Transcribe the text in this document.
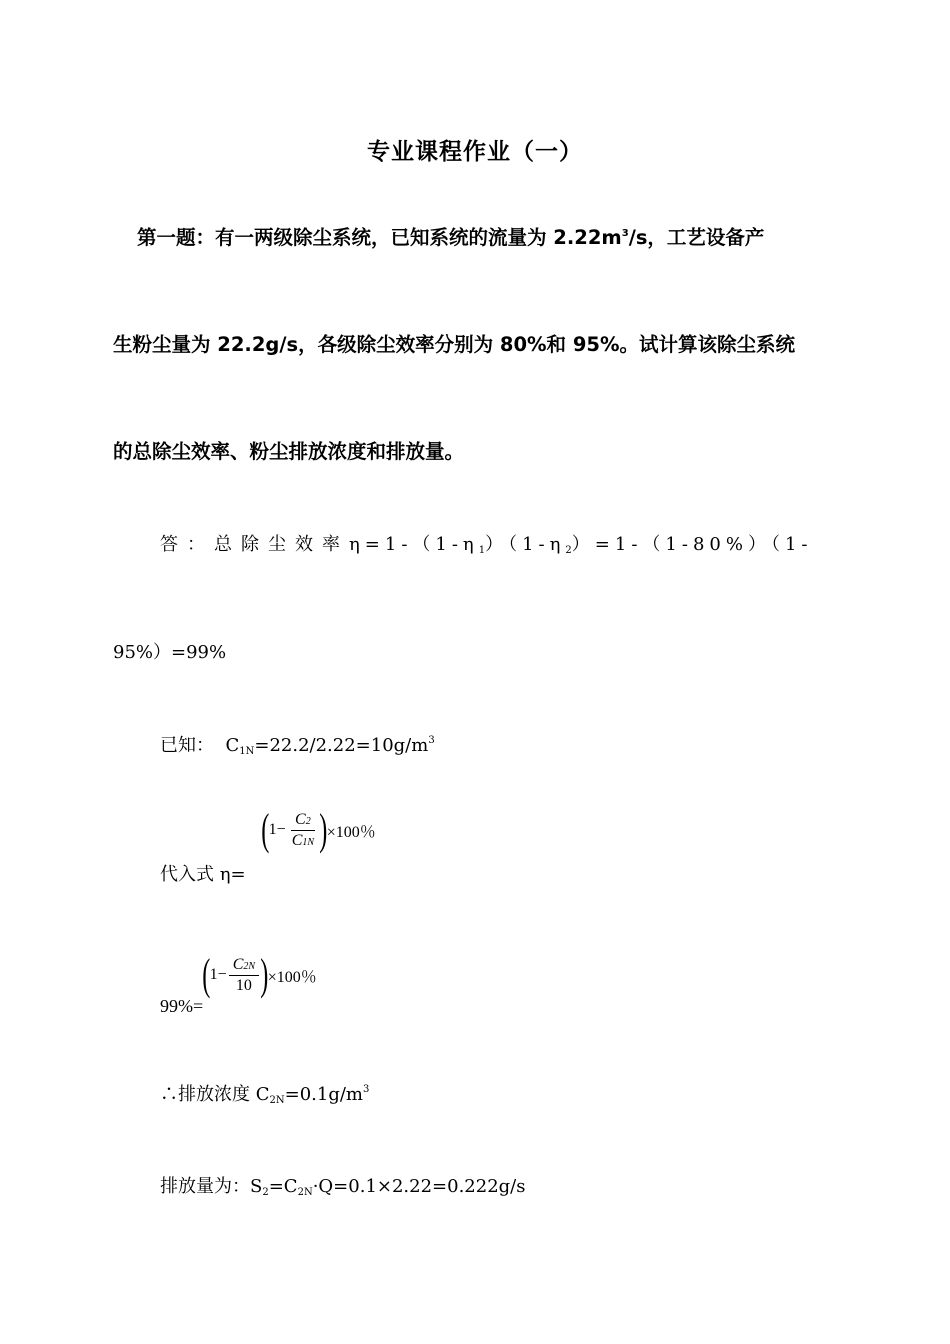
专业课程作业（一）
第一题：有一两级除尘系统，已知系统的流量为 $2.22m^3/s$，工艺设备产
生粉尘量为 22.2g/s，各级除尘效率分别为 80%和 95%。试计算该除尘系统
的总除尘效率、粉尘排放浓度和排放量。
答：总除尘效率$\eta=1-(1-\eta_1)(1-\eta_2)=1-(1-80\%)(1-$
95%）=99%
已知： $C_{1N}=22.2/2.22=10g/m^3$
( $1- \frac{C2}{C1N}$ ) ×100％
代入式 η=
( $1- \frac{C2N}{10}$ ) ×100％
99%=
∴排放浓度 $C_{2N}=0.1g/m^3$
排放量为：$S_2=C_{2N}\cdot Q=0.1\times 2.22=0.222g/s$
